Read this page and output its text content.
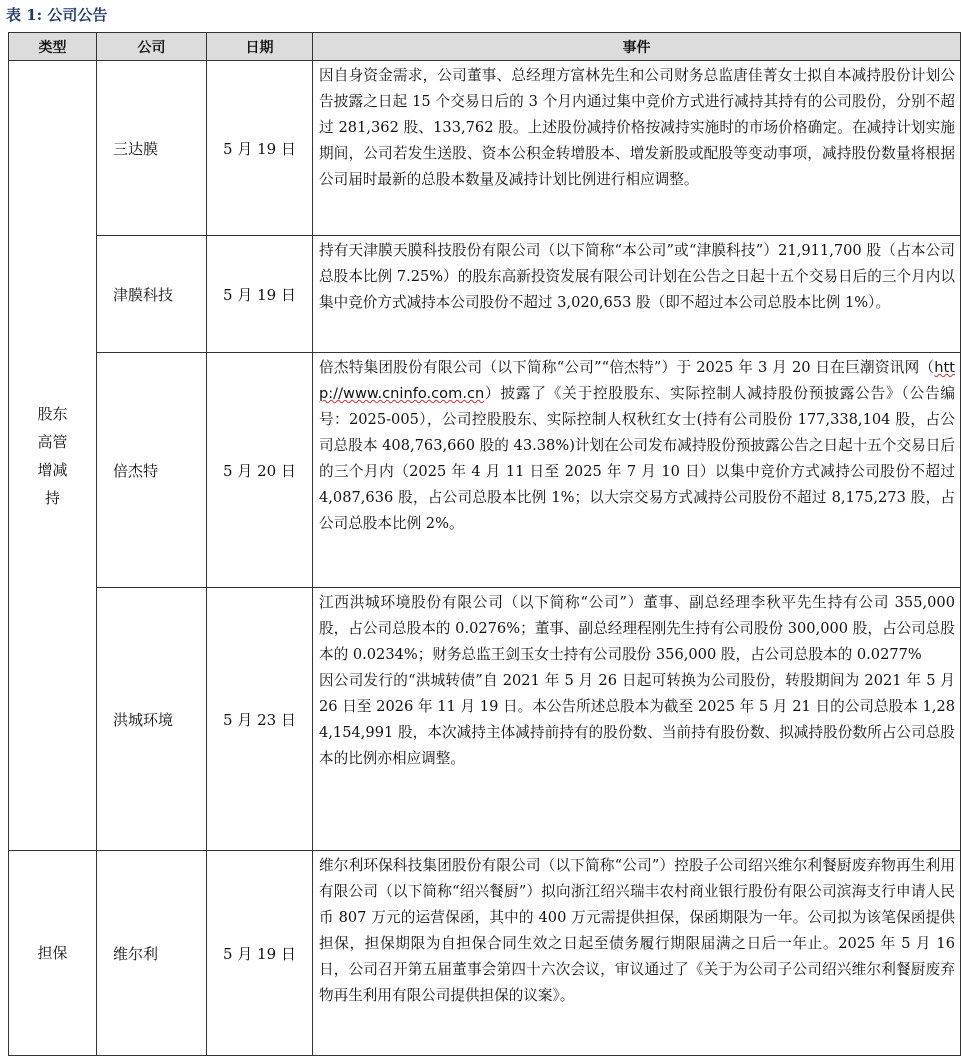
表 1: 公司公告
类型	公司	日期	事件

股东高管增减持	三达膜	5 月 19 日	因自身资金需求，公司董事、总经理方富林先生和公司财务总监唐佳菁女士拟自本减持股份计划公告披露之日起 15 个交易日后的 3 个月内通过集中竞价方式进行减持其持有的公司股份，分别不超过 281,362 股、133,762 股。上述股份减持价格按减持实施时的市场价格确定。在减持计划实施期间，公司若发生送股、资本公积金转增股本、增发新股或配股等变动事项，减持股份数量将根据公司届时最新的总股本数量及减持计划比例进行相应调整。

	津膜科技	5 月 19 日	持有天津膜天膜科技股份有限公司（以下简称“本公司”或“津膜科技”）21,911,700 股（占本公司总股本比例 7.25%）的股东高新投资发展有限公司计划在公告之日起十五个交易日后的三个月内以集中竞价方式减持本公司股份不超过 3,020,653 股（即不超过本公司总股本比例 1%）。

	倍杰特	5 月 20 日	倍杰特集团股份有限公司（以下简称“公司”“倍杰特”）于 2025 年 3 月 20 日在巨潮资讯网（http://www.cninfo.com.cn）披露了《关于控股股东、实际控制人减持股份预披露公告》（公告编号：2025-005），公司控股股东、实际控制人权秋红女士(持有公司股份 177,338,104 股，占公司总股本 408,763,660 股的 43.38%)计划在公司发布减持股份预披露公告之日起十五个交易日后的三个月内（2025 年 4 月 11 日至 2025 年 7 月 10 日）以集中竞价方式减持公司股份不超过 4,087,636 股，占公司总股本比例 1%；以大宗交易方式减持公司股份不超过 8,175,273 股，占公司总股本比例 2%。

	洪城环境	5 月 23 日	江西洪城环境股份有限公司（以下简称“公司”）董事、副总经理李秋平先生持有公司 355,000 股，占公司总股本的 0.0276%；董事、副总经理程刚先生持有公司股份 300,000 股，占公司总股本的 0.0234%；财务总监王剑玉女士持有公司股份 356,000 股，占公司总股本的 0.0277%

因公司发行的“洪城转债”自 2021 年 5 月 26 日起可转换为公司股份，转股期间为 2021 年 5 月 26 日至 2026 年 11 月 19 日。本公告所述总股本为截至 2025 年 5 月 21 日的公司总股本 1,284,154,991 股，本次减持主体减持前持有的股份数、当前持有股份数、拟减持股份数所占公司总股本的比例亦相应调整。

担保	维尔利	5 月 19 日	维尔利环保科技集团股份有限公司（以下简称“公司”）控股子公司绍兴维尔利餐厨废弃物再生利用有限公司（以下简称“绍兴餐厨”）拟向浙江绍兴瑞丰农村商业银行股份有限公司滨海支行申请人民币 807 万元的运营保函，其中的 400 万元需提供担保，保函期限为一年。公司拟为该笔保函提供担保，担保期限为自担保合同生效之日起至债务履行期限届满之日后一年止。2025 年 5 月 16 日，公司召开第五届董事会第四十六次会议，审议通过了《关于为公司子公司绍兴维尔利餐厨废弃物再生利用有限公司提供担保的议案》。
